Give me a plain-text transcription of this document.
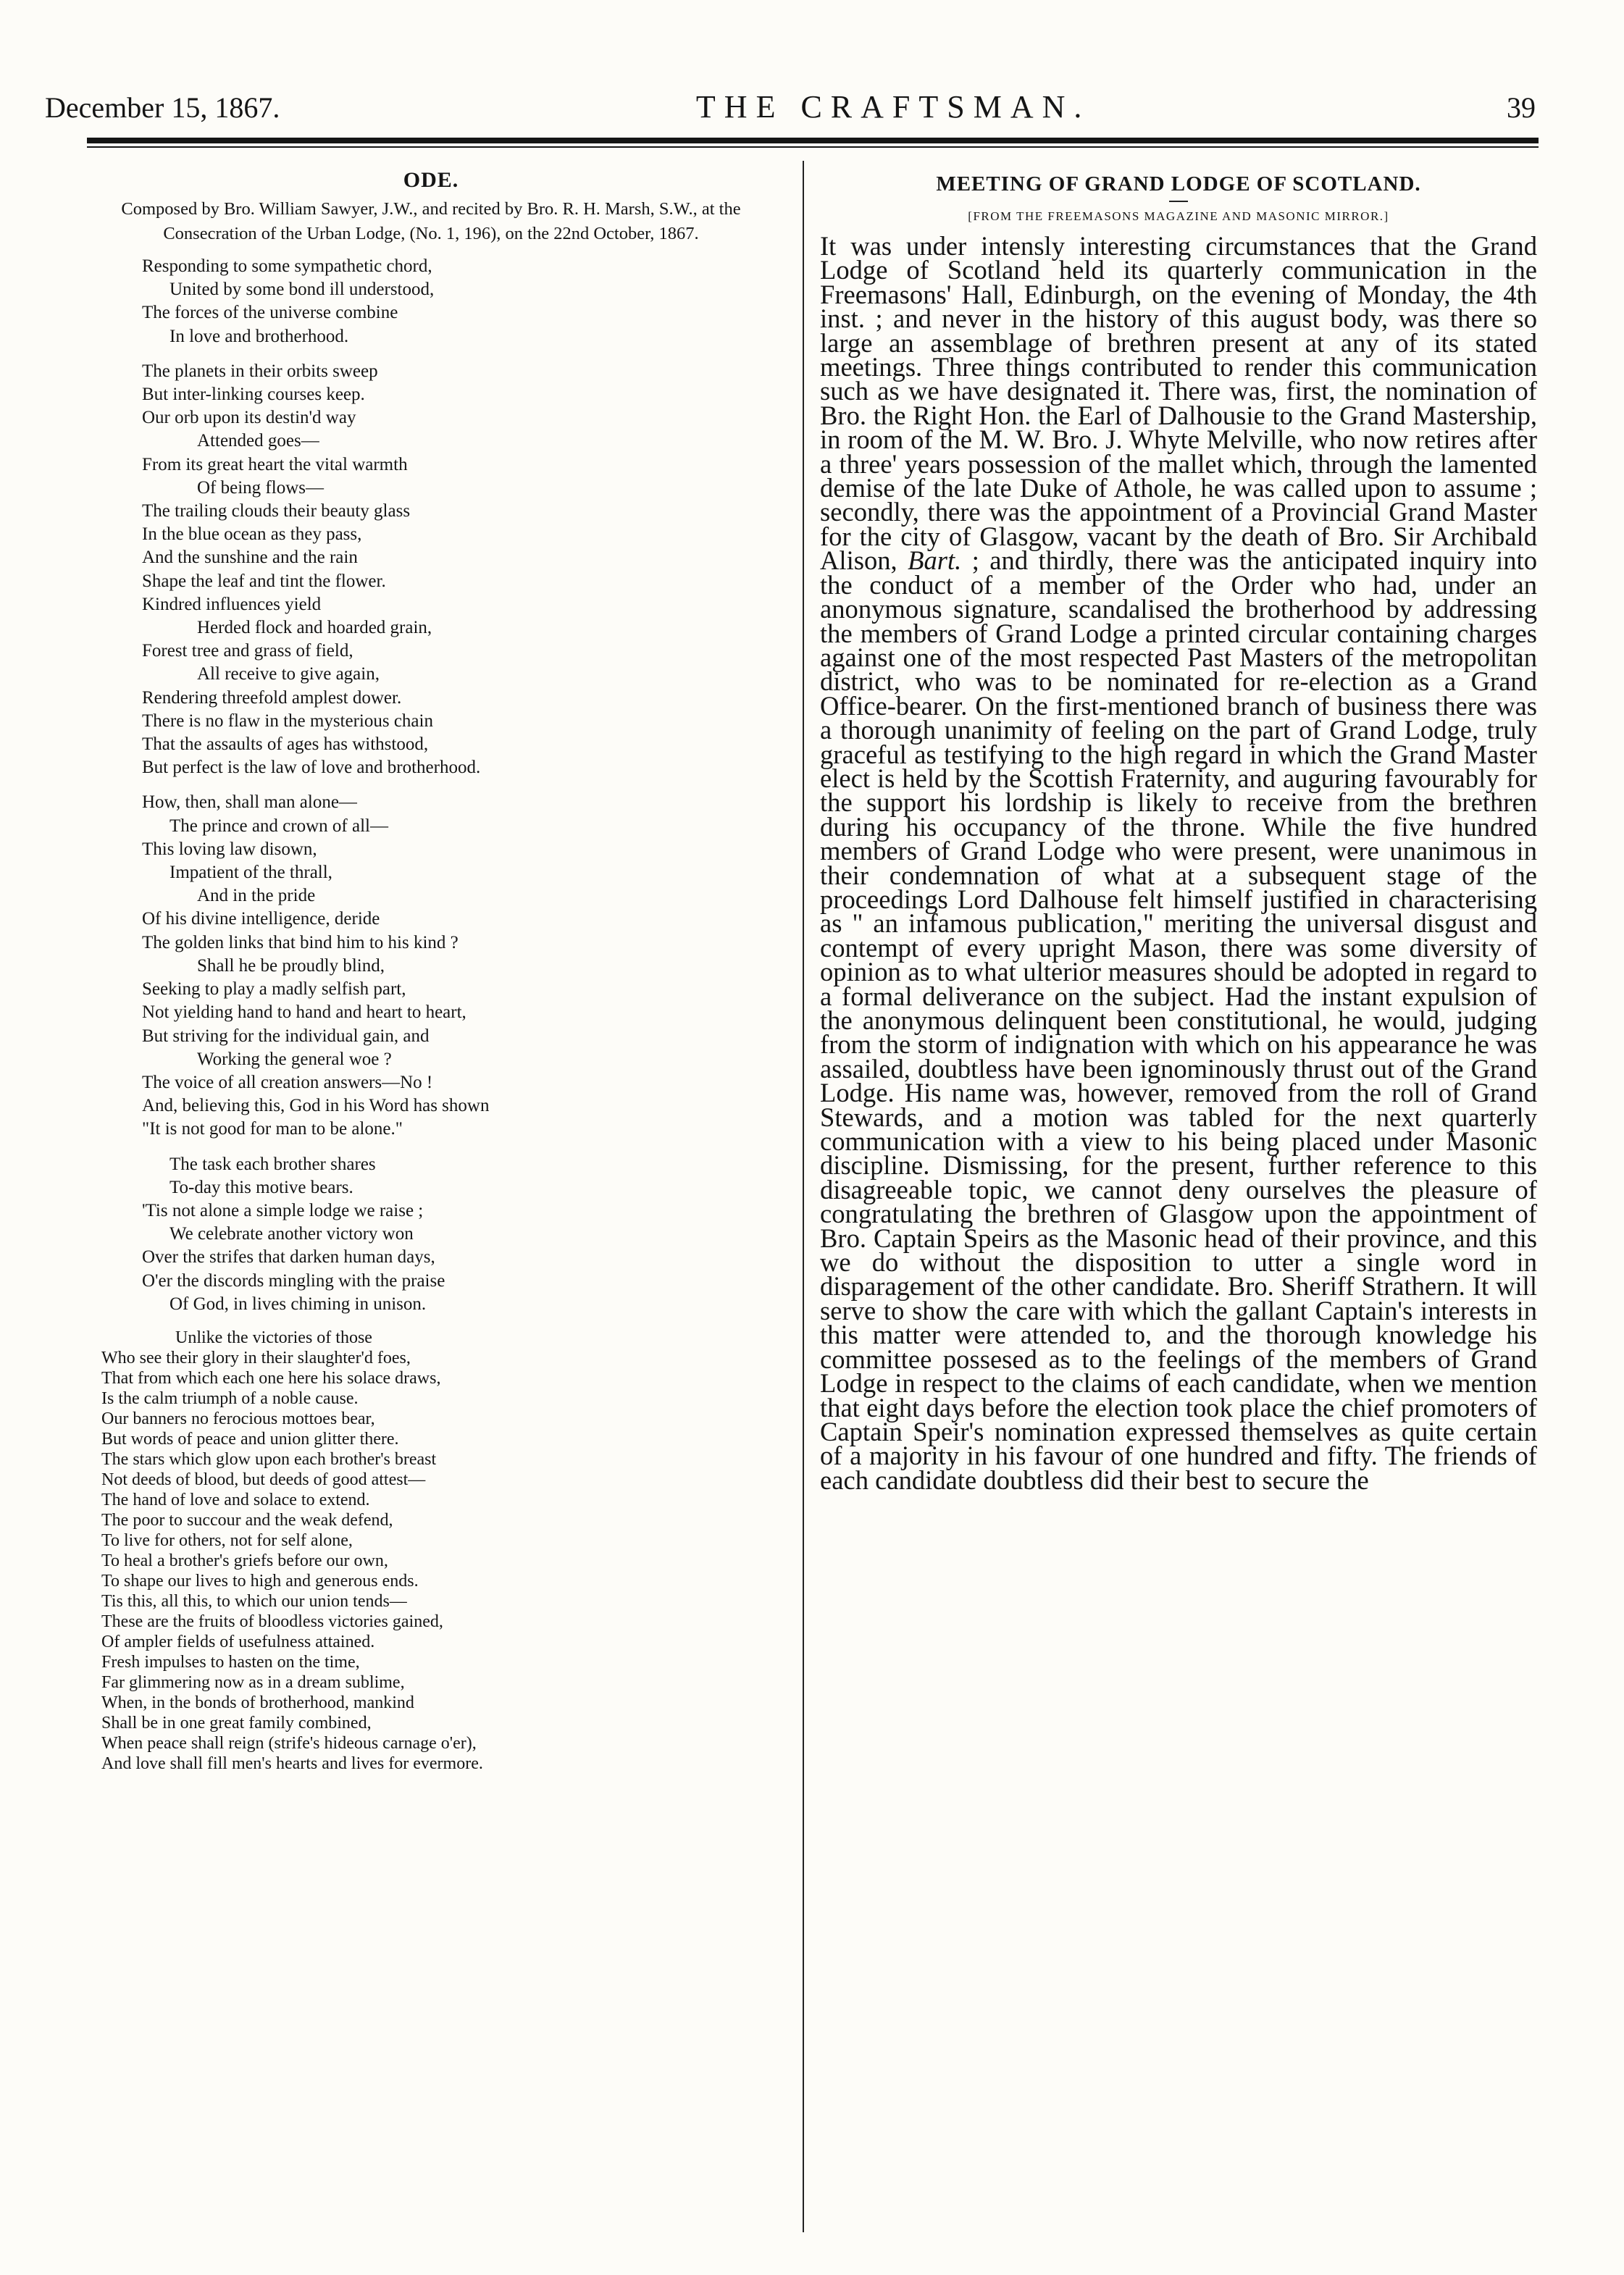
December 15, 1867.	THE CRAFTSMAN.	39
ODE.
Composed by Bro. William Sawyer, J.W., and recited by Bro. R. H. Marsh, S.W., at the Consecration of the Urban Lodge, (No. 1, 196), on the 22nd October, 1867.
Responding to some sympathetic chord,
United by some bond ill understood,
The forces of the universe combine
In love and brotherhood.
The planets in their orbits sweep
But inter-linking courses keep.
Our orb upon its destin'd way
Attended goes—
From its great heart the vital warmth
Of being flows—
The trailing clouds their beauty glass
In the blue ocean as they pass,
And the sunshine and the rain
Shape the leaf and tint the flower.
Kindred influences yield
Herded flock and hoarded grain,
Forest tree and grass of field,
All receive to give again,
Rendering threefold amplest dower.
There is no flaw in the mysterious chain
That the assaults of ages has withstood,
But perfect is the law of love and brotherhood.
How, then, shall man alone—
The prince and crown of all—
This loving law disown,
Impatient of the thrall,
And in the pride
Of his divine intelligence, deride
The golden links that bind him to his kind ?
Shall he be proudly blind,
Seeking to play a madly selfish part,
Not yielding hand to hand and heart to heart,
But striving for the individual gain, and
Working the general woe ?
The voice of all creation answers—No !
And, believing this, God in his Word has shown
"It is not good for man to be alone."
The task each brother shares
To-day this motive bears.
'Tis not alone a simple lodge we raise ;
We celebrate another victory won
Over the strifes that darken human days,
O'er the discords mingling with the praise
Of God, in lives chiming in unison.
Unlike the victories of those
Who see their glory in their slaughter'd foes,
That from which each one here his solace draws,
Is the calm triumph of a noble cause.
Our banners no ferocious mottoes bear,
But words of peace and union glitter there.
The stars which glow upon each brother's breast
Not deeds of blood, but deeds of good attest—
The hand of love and solace to extend.
The poor to succour and the weak defend,
To live for others, not for self alone,
To heal a brother's griefs before our own,
To shape our lives to high and generous ends.
Tis this, all this, to which our union tends—
These are the fruits of bloodless victories gained,
Of ampler fields of usefulness attained.
Fresh impulses to hasten on the time,
Far glimmering now as in a dream sublime,
When, in the bonds of brotherhood, mankind
Shall be in one great family combined,
When peace shall reign (strife's hideous carnage o'er),
And love shall fill men's hearts and lives for evermore.
MEETING OF GRAND LODGE OF SCOTLAND.
[FROM THE FREEMASONS MAGAZINE AND MASONIC MIRROR.]

It was under intensly interesting circumstances that the Grand Lodge of Scotland held its quarterly communication in the Freemasons' Hall, Edinburgh, on the evening of Monday, the 4th inst. ; and never in the history of this august body, was there so large an assemblage of brethren present at any of its stated meetings. Three things contributed to render this communication such as we have designated it. There was, first, the nomination of Bro. the Right Hon. the Earl of Dalhousie to the Grand Mastership, in room of the M. W. Bro. J. Whyte Melville, who now retires after a three' years possession of the mallet which, through the lamented demise of the late Duke of Athole, he was called upon to assume ; secondly, there was the appointment of a Provincial Grand Master for the city of Glasgow, vacant by the death of Bro. Sir Archibald Alison, Bart. ; and thirdly, there was the anticipated inquiry into the conduct of a member of the Order who had, under an anonymous signature, scandalised the brotherhood by addressing the members of Grand Lodge a printed circular containing charges against one of the most respected Past Masters of the metropolitan district, who was to be nominated for re-election as a Grand Office-bearer. On the first-mentioned branch of business there was a thorough unanimity of feeling on the part of Grand Lodge, truly graceful as testifying to the high regard in which the Grand Master elect is held by the Scottish Fraternity, and auguring favourably for the support his lordship is likely to receive from the brethren during his occupancy of the throne. While the five hundred members of Grand Lodge who were present, were unanimous in their condemnation of what at a subsequent stage of the proceedings Lord Dalhouse felt himself justified in characterising as " an infamous publication," meriting the universal disgust and contempt of every upright Mason, there was some diversity of opinion as to what ulterior measures should be adopted in regard to a formal deliverance on the subject. Had the instant expulsion of the anonymous delinquent been constitutional, he would, judging from the storm of indignation with which on his appearance he was assailed, doubtless have been ignominously thrust out of the Grand Lodge. His name was, however, removed from the roll of Grand Stewards, and a motion was tabled for the next quarterly communication with a view to his being placed under Masonic discipline. Dismissing, for the present, further reference to this disagreeable topic, we cannot deny ourselves the pleasure of congratulating the brethren of Glasgow upon the appointment of Bro. Captain Speirs as the Masonic head of their province, and this we do without the disposition to utter a single word in disparagement of the other candidate. Bro. Sheriff Strathern. It will serve to show the care with which the gallant Captain's interests in this matter were attended to, and the thorough knowledge his committee possesed as to the feelings of the members of Grand Lodge in respect to the claims of each candidate, when we mention that eight days before the election took place the chief promoters of Captain Speir's nomination expressed themselves as quite certain of a majority in his favour of one hundred and fifty. The friends of each candidate doubtless did their best to secure the
